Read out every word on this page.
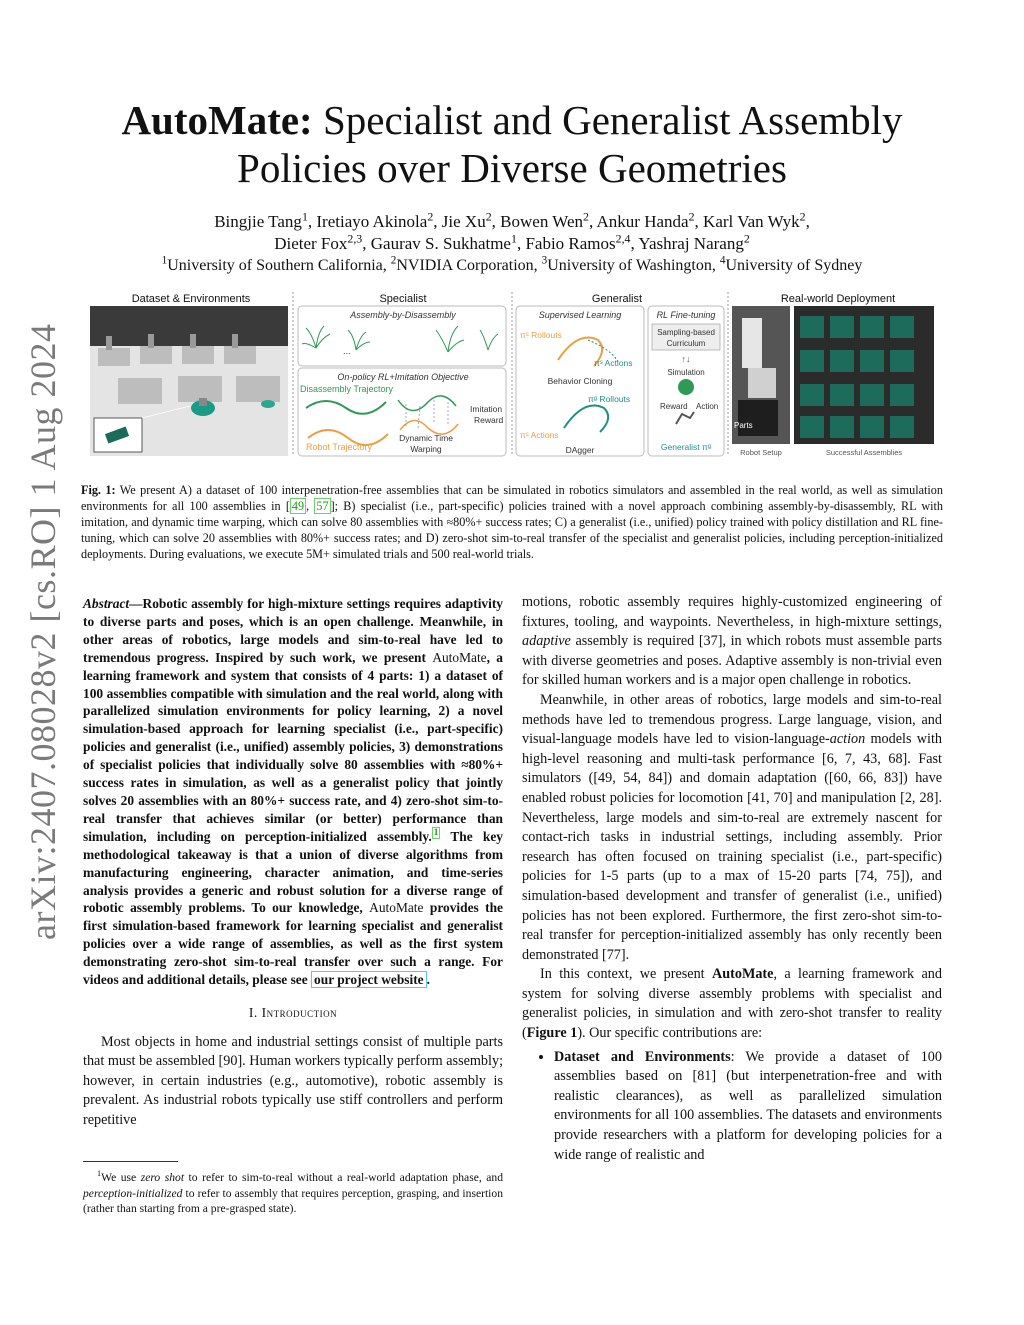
arXiv:2407.08028v2 [cs.RO] 1 Aug 2024
AutoMate: Specialist and Generalist Assembly
Policies over Diverse Geometries
Bingjie Tang$^1$, Iretiayo Akinola$^2$, Jie Xu$^2$, Bowen Wen$^2$, Ankur Handa$^2$, Karl Van Wyk$^2$,
Dieter Fox$^{2,3}$, Gaurav S. Sukhatme$^1$, Fabio Ramos$^{2,4}$, Yashraj Narang$^2$
$^1$University of Southern California, $^2$NVIDIA Corporation, $^3$University of Washington, $^4$University of Sydney
Dataset & Environments	Specialist	Generalist	Real-world Deployment
Assembly-by-Disassembly
...
On-policy RL+Imitation Objective
Disassembly Trajectory
Imitation
Reward
Robot Trajectory
Dynamic Time
Warping
Supervised Learning
πˢ Rollouts
πˢ Actions
Behavior Cloning
πᵍ Rollouts
πˢ Actions
DAgger
RL Fine-tuning
Sampling-based
Curriculum
↑↓
Simulation
Reward Action
Generalist πᵍ
Parts
Robot Setup	Successful Assemblies
Fig. 1: We present A) a dataset of 100 interpenetration-free assemblies that can be simulated in robotics simulators and assembled in the real world, as well as simulation environments for all 100 assemblies in [ 49 , 57 ]; B) specialist (i.e., part-specific) policies trained with a novel approach combining assembly-by-disassembly, RL with imitation, and dynamic time warping, which can solve 80 assemblies with ≈80%+ success rates; C) a generalist (i.e., unified) policy trained with policy distillation and RL fine-tuning, which can solve 20 assemblies with 80%+ success rates; and D) zero-shot sim-to-real transfer of the specialist and generalist policies, including perception-initialized deployments. During evaluations, we execute 5M+ simulated trials and 500 real-world trials.

Abstract—Robotic assembly for high-mixture settings requires adaptivity to diverse parts and poses, which is an open challenge. Meanwhile, in other areas of robotics, large models and sim-to-real have led to tremendous progress. Inspired by such work, we present AutoMate, a learning framework and system that consists of 4 parts: 1) a dataset of 100 assemblies compatible with simulation and the real world, along with parallelized simulation environments for policy learning, 2) a novel simulation-based approach for learning specialist (i.e., part-specific) policies and generalist (i.e., unified) assembly policies, 3) demonstrations of specialist policies that individually solve 80 assemblies with ≈80%+ success rates in simulation, as well as a generalist policy that jointly solves 20 assemblies with an 80%+ success rate, and 4) zero-shot sim-to-real transfer that achieves similar (or better) performance than simulation, including on perception-initialized assembly. $^1$ The key methodological takeaway is that a union of diverse algorithms from manufacturing engineering, character animation, and time-series analysis provides a generic and robust solution for a diverse range of robotic assembly problems. To our knowledge, AutoMate provides the first simulation-based framework for learning specialist and generalist policies over a wide range of assemblies, as well as the first system demonstrating zero-shot sim-to-real transfer over such a range. For videos and additional details, please see our project website .

I. Introduction

Most objects in home and industrial settings consist of multiple parts that must be assembled [90]. Human workers typically perform assembly; however, in certain industries (e.g., automotive), robotic assembly is prevalent. As industrial robots typically use stiff controllers and perform repetitive

$^1$We use zero shot to refer to sim-to-real without a real-world adaptation phase, and perception-initialized to refer to assembly that requires perception, grasping, and insertion (rather than starting from a pre-grasped state).

motions, robotic assembly requires highly-customized engineering of fixtures, tooling, and waypoints. Nevertheless, in high-mixture settings, adaptive assembly is required [37], in which robots must assemble parts with diverse geometries and poses. Adaptive assembly is non-trivial even for skilled human workers and is a major open challenge in robotics.

Meanwhile, in other areas of robotics, large models and sim-to-real methods have led to tremendous progress. Large language, vision, and visual-language models have led to vision-language-action models with high-level reasoning and multi-task performance [6, 7, 43, 68]. Fast simulators ([49, 54, 84]) and domain adaptation ([60, 66, 83]) have enabled robust policies for locomotion [41, 70] and manipulation [2, 28]. Nevertheless, large models and sim-to-real are extremely nascent for contact-rich tasks in industrial settings, including assembly. Prior research has often focused on training specialist (i.e., part-specific) policies for 1-5 parts (up to a max of 15-20 parts [74, 75]), and simulation-based development and transfer of generalist (i.e., unified) policies has not been explored. Furthermore, the first zero-shot sim-to-real transfer for perception-initialized assembly has only recently been demonstrated [77].

In this context, we present AutoMate, a learning framework and system for solving diverse assembly problems with specialist and generalist policies, in simulation and with zero-shot transfer to reality (Figure 1). Our specific contributions are:

• Dataset and Environments: We provide a dataset of 100 assemblies based on [81] (but interpenetration-free and with realistic clearances), as well as parallelized simulation environments for all 100 assemblies. The datasets and environments provide researchers with a platform for developing policies for a wide range of realistic and
